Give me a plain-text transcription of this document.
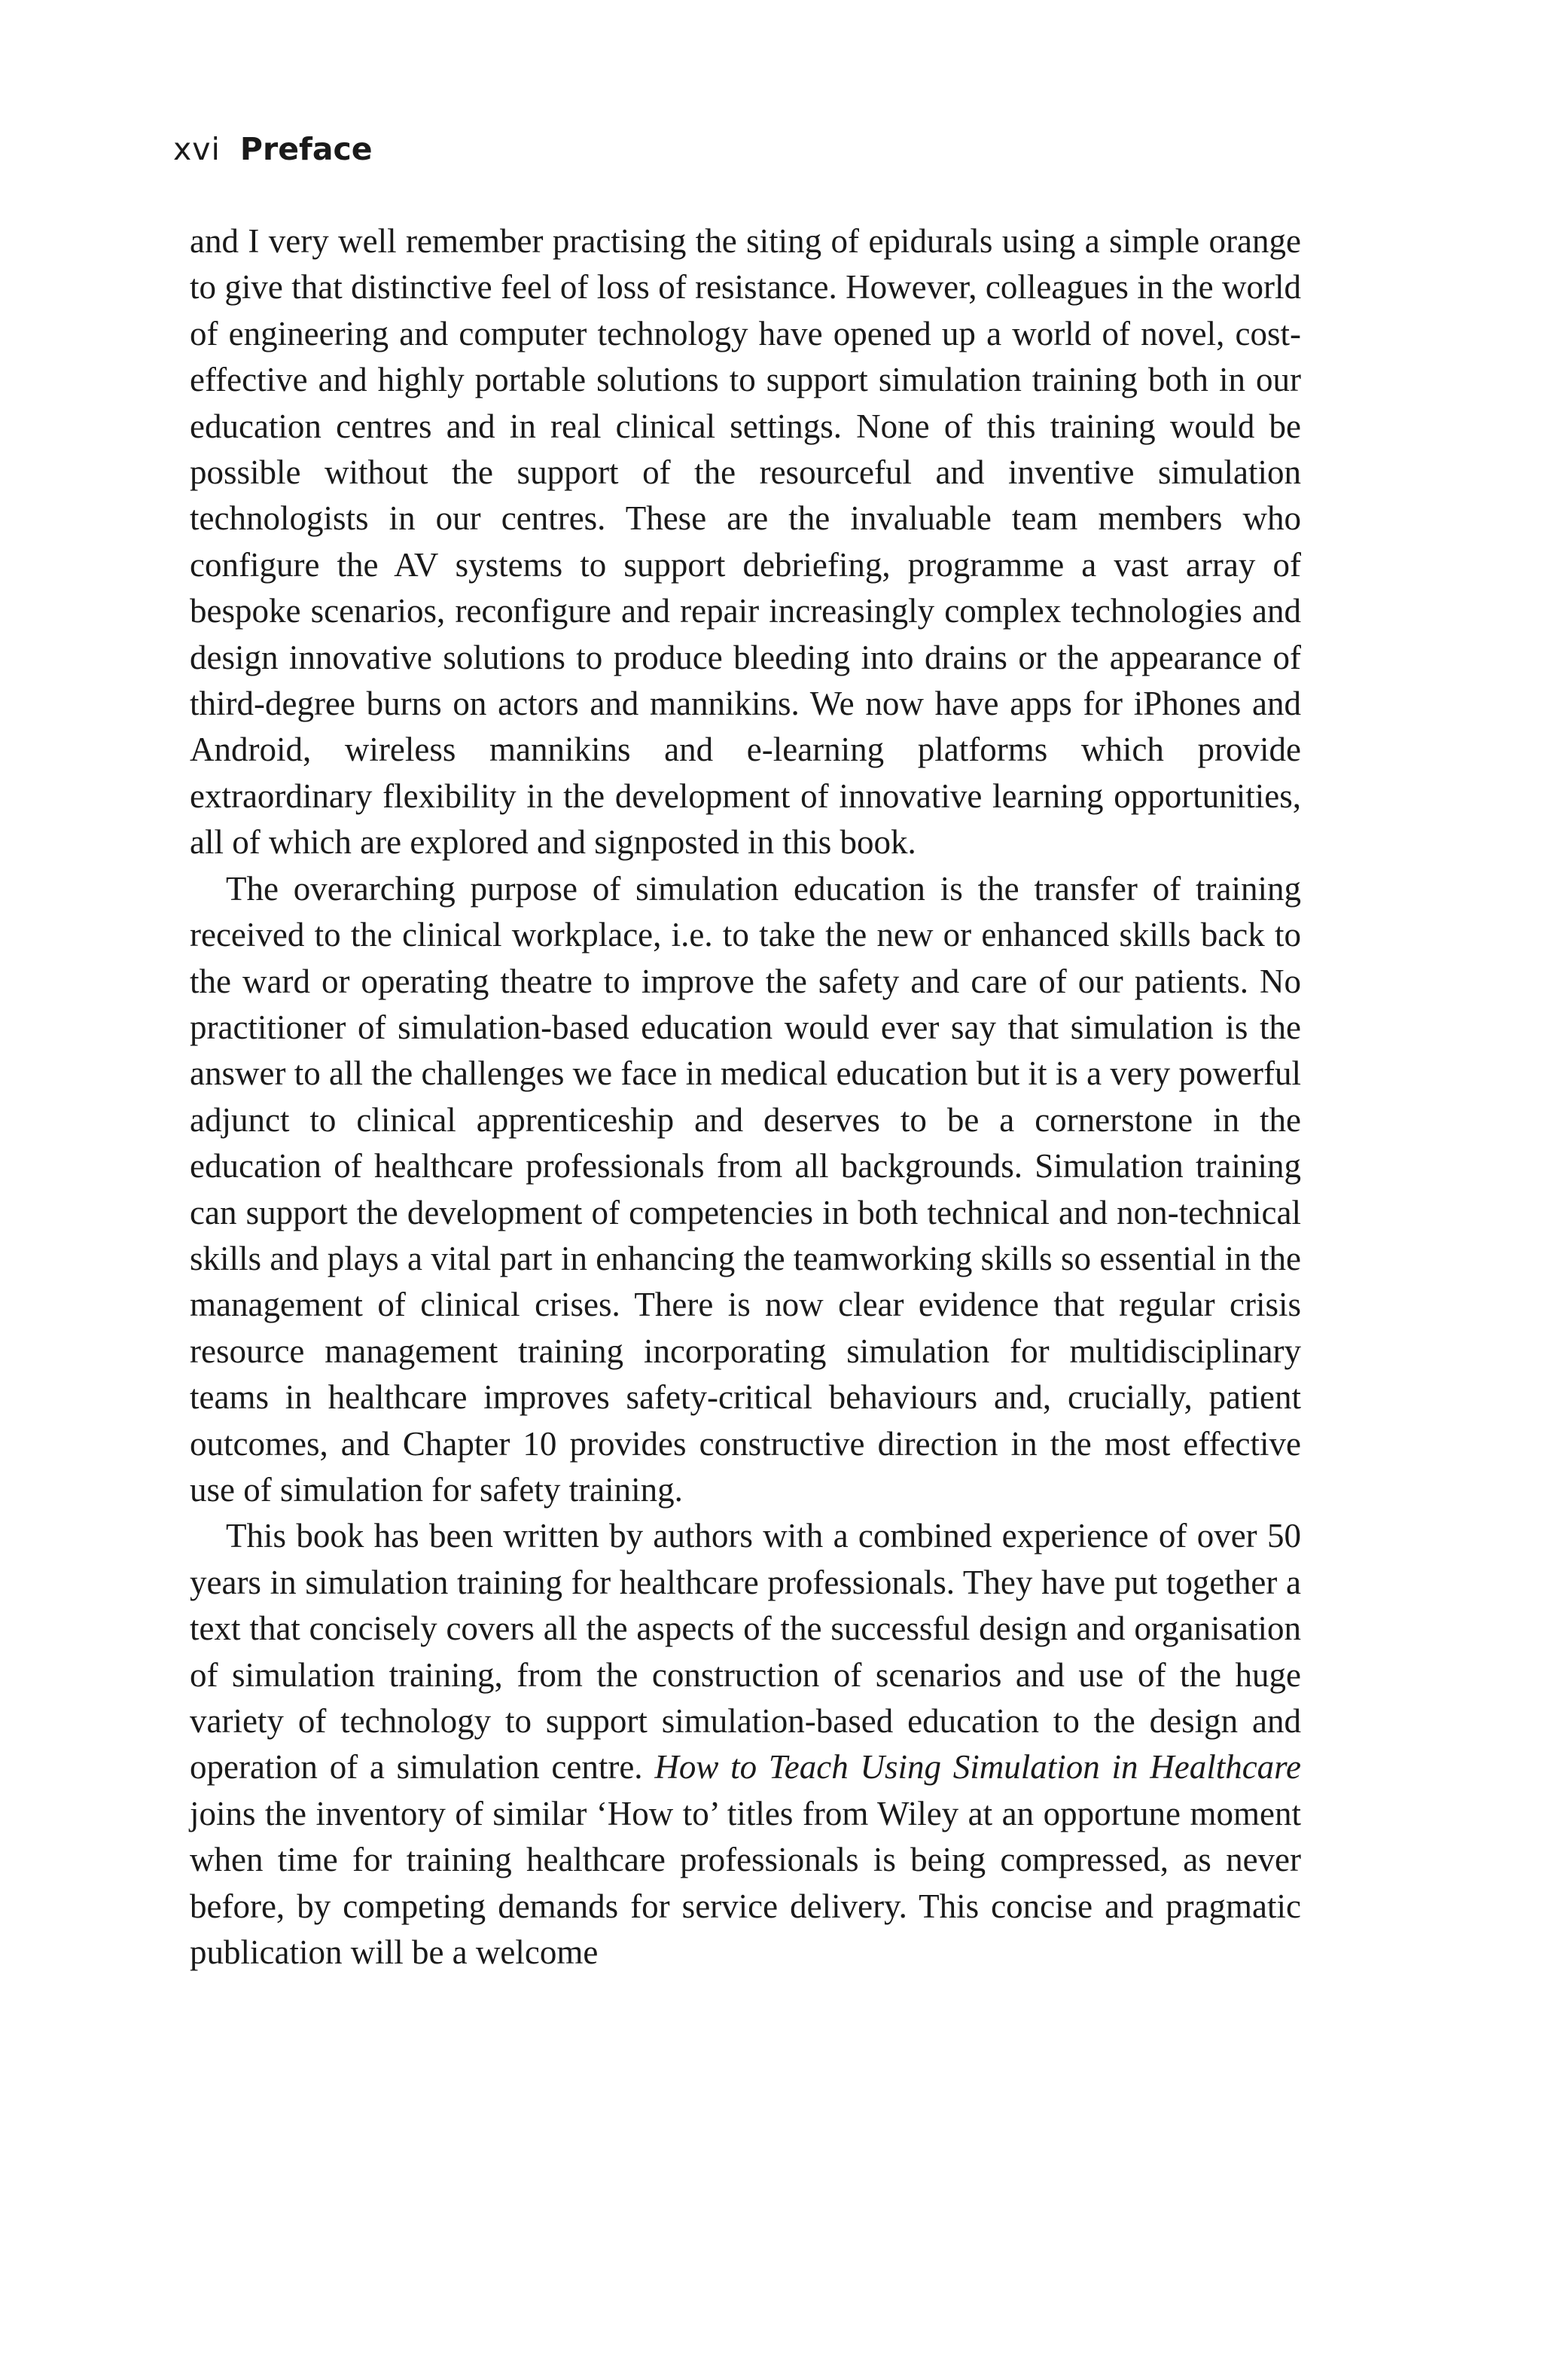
xvi Preface

and I very well remember practising the siting of epidurals using a simple orange to give that distinctive feel of loss of resistance. However, colleagues in the world of engineering and computer technology have opened up a world of novel, cost-effective and highly portable solutions to support simulation training both in our education centres and in real clinical settings. None of this training would be possible without the support of the resourceful and inventive simulation technologists in our centres. These are the invaluable team members who configure the AV systems to support debriefing, programme a vast array of bespoke scenarios, reconfigure and repair increasingly complex technologies and design innovative solutions to produce bleeding into drains or the appearance of third-degree burns on actors and mannikins. We now have apps for iPhones and Android, wireless mannikins and e-learning platforms which provide extraordinary flexibility in the development of innovative learning opportunities, all of which are explored and signposted in this book.

The overarching purpose of simulation education is the transfer of training received to the clinical workplace, i.e. to take the new or enhanced skills back to the ward or operating theatre to improve the safety and care of our patients. No practitioner of simulation-based education would ever say that simulation is the answer to all the challenges we face in medical education but it is a very powerful adjunct to clinical apprenticeship and deserves to be a cornerstone in the education of healthcare professionals from all backgrounds. Simulation training can support the development of competencies in both technical and non-technical skills and plays a vital part in enhancing the teamworking skills so essential in the management of clinical crises. There is now clear evidence that regular crisis resource management training incorporating simulation for multidisciplinary teams in healthcare improves safety-critical behaviours and, crucially, patient outcomes, and Chapter 10 provides constructive direction in the most effective use of simulation for safety training.

This book has been written by authors with a combined experience of over 50 years in simulation training for healthcare professionals. They have put together a text that concisely covers all the aspects of the successful design and organisation of simulation training, from the construction of scenarios and use of the huge variety of technology to support simulation-based education to the design and operation of a simulation centre. How to Teach Using Simulation in Healthcare joins the inventory of similar ‘How to’ titles from Wiley at an opportune moment when time for training healthcare professionals is being compressed, as never before, by competing demands for service delivery. This concise and pragmatic publication will be a welcome
